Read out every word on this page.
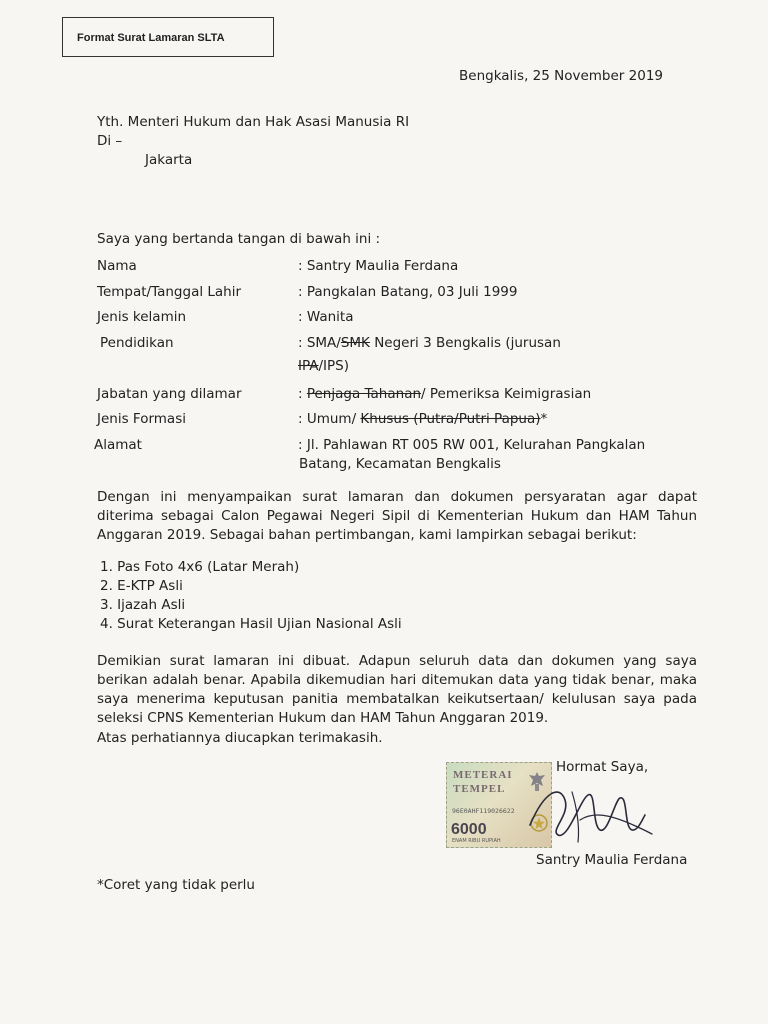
Format Surat Lamaran SLTA
Bengkalis, 25 November 2019
Yth. Menteri Hukum dan Hak Asasi Manusia RI
Di –
Jakarta
Saya yang bertanda tangan di bawah ini :
Nama	: Santry Maulia Ferdana
Tempat/Tanggal Lahir	: Pangkalan Batang, 03 Juli 1999
Jenis kelamin	: Wanita
Pendidikan	: SMA/SMK Negeri 3 Bengkalis (jurusan
IPA/IPS)
Jabatan yang dilamar	: Penjaga Tahanan/ Pemeriksa Keimigrasian
Jenis Formasi	: Umum/ Khusus (Putra/Putri Papua)*
Alamat	: Jl. Pahlawan RT 005 RW 001, Kelurahan Pangkalan
Batang, Kecamatan Bengkalis
Dengan ini menyampaikan surat lamaran dan dokumen persyaratan agar dapat diterima sebagai Calon Pegawai Negeri Sipil di Kementerian Hukum dan HAM Tahun Anggaran 2019. Sebagai bahan pertimbangan, kami lampirkan sebagai berikut:
1. Pas Foto 4x6 (Latar Merah)
2. E-KTP Asli
3. Ijazah Asli
4. Surat Keterangan Hasil Ujian Nasional Asli
Demikian surat lamaran ini dibuat. Adapun seluruh data dan dokumen yang saya berikan adalah benar. Apabila dikemudian hari ditemukan data yang tidak benar, maka saya menerima keputusan panitia membatalkan keikutsertaan/ kelulusan saya pada seleksi CPNS Kementerian Hukum dan HAM Tahun Anggaran 2019.
Atas perhatiannya diucapkan terimakasih.
Hormat Saya,
METERAI
TEMPEL
96E0AHF119026622
6000
ENAM RIBU RUPIAH
Santry Maulia Ferdana
*Coret yang tidak perlu
